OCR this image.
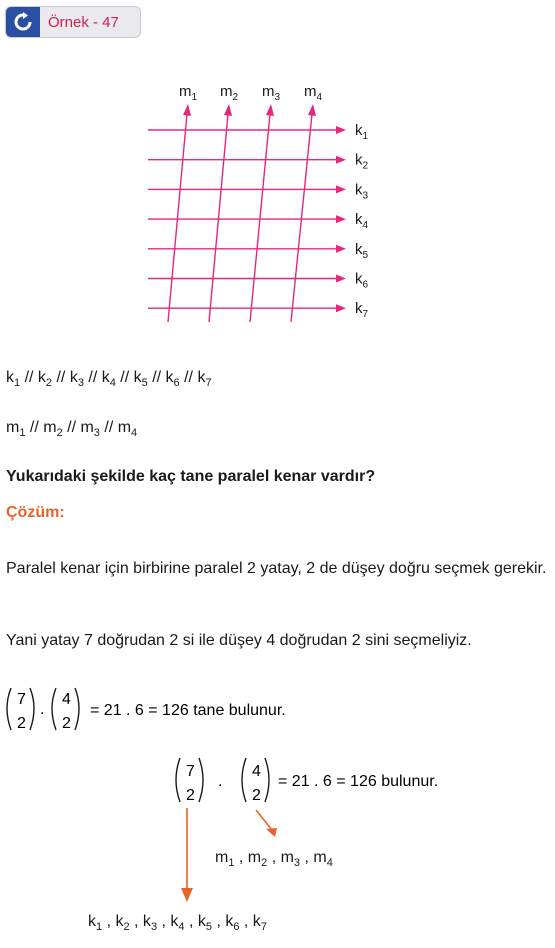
Örnek - 47
$m_1$ $m_2$ $m_3$ $m_4$
$k_1$
$k_2$
$k_3$
$k_4$
$k_5$
$k_6$
$k_7$
$k_1 // k_2 // k_3 // k_4 // k_5 // k_6 // k_7$
$m_1 // m_2 // m_3 // m_4$
Yukarıdaki şekilde kaç tane paralel kenar vardır?
Çözüm:
Paralel kenar için birbirine paralel 2 yatay, 2 de düşey doğru seçmek gerekir.
Yani yatay 7 doğrudan 2 si ile düşey 4 doğrudan 2 sini seçmeliyiz.
7
2
.
4
2
= 21 . 6 = 126 tane bulunur.
7
2
.
4
2
= 21 . 6 = 126 bulunur.
$m_1$ , $m_2$ , $m_3$ , $m_4$
$k_1$ , $k_2$ , $k_3$ , $k_4$ , $k_5$ , $k_6$ , $k_7$
